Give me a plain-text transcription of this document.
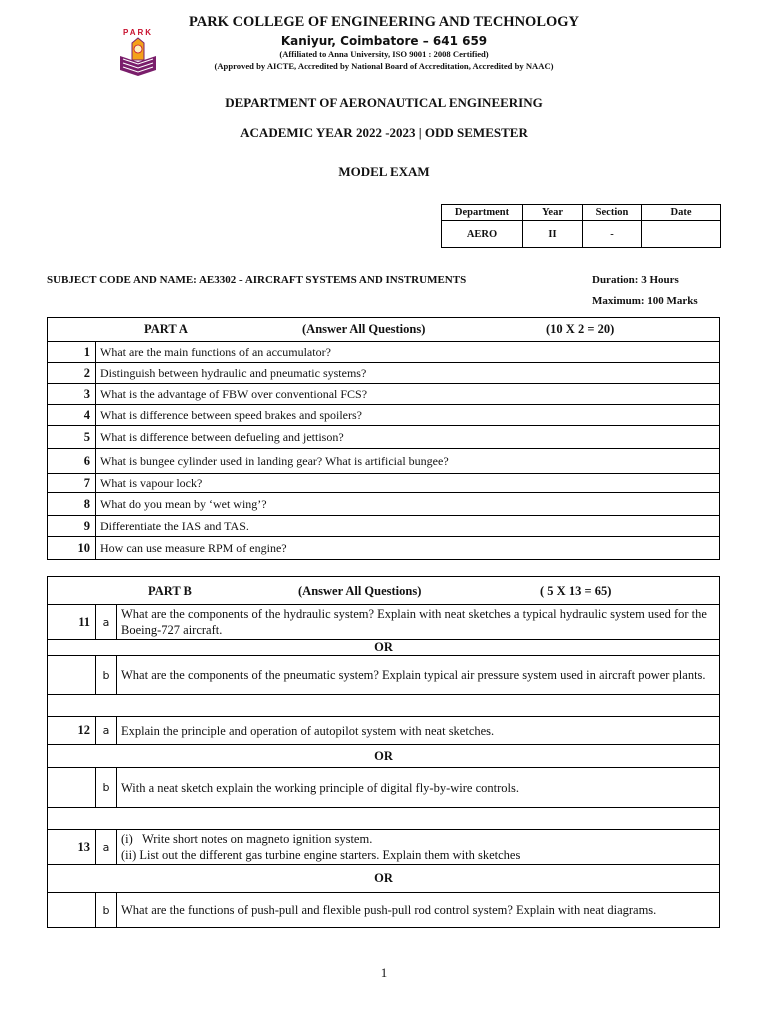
PARK
PARK COLLEGE OF ENGINEERING AND TECHNOLOGY
Kaniyur, Coimbatore – 641 659
(Affiliated to Anna University, ISO 9001 : 2008 Certified)
(Approved by AICTE, Accredited by National Board of Accreditation, Accredited by NAAC)
DEPARTMENT OF AERONAUTICAL ENGINEERING
ACADEMIC YEAR 2022 -2023 | ODD SEMESTER
MODEL EXAM
Department	Year	Section	Date
AERO	II	-	
SUBJECT CODE AND NAME: AE3302 - AIRCRAFT SYSTEMS AND INSTRUMENTS	Duration: 3 Hours
Maximum: 100 Marks
PART A (Answer All Questions) (10 X 2 = 20)	

1	What are the main functions of an accumulator?
2	Distinguish between hydraulic and pneumatic systems?
3	What is the advantage of FBW over conventional FCS?
4	What is difference between speed brakes and spoilers?
5	What is difference between defueling and jettison?
6	What is bungee cylinder used in landing gear? What is artificial bungee?
7	What is vapour lock?
8	What do you mean by ‘wet wing’?
9	Differentiate the IAS and TAS.
10	How can use measure RPM of engine?
PART B (Answer All Questions) ( 5 X 13 = 65)		

11	a	What are the components of the hydraulic system? Explain with neat sketches a typical hydraulic system used for the Boeing-727 aircraft.
OR		
	b	What are the components of the pneumatic system? Explain typical air pressure system used in aircraft power plants.

12	a	Explain the principle and operation of autopilot system with neat sketches.
OR		
	b	With a neat sketch explain the working principle of digital fly-by-wire controls.

13	a	(i)   Write short notes on magneto ignition system.
(ii) List out the different gas turbine engine starters. Explain them with sketches

OR		
	b	What are the functions of push-pull and flexible push-pull rod control system? Explain with neat diagrams.
1
